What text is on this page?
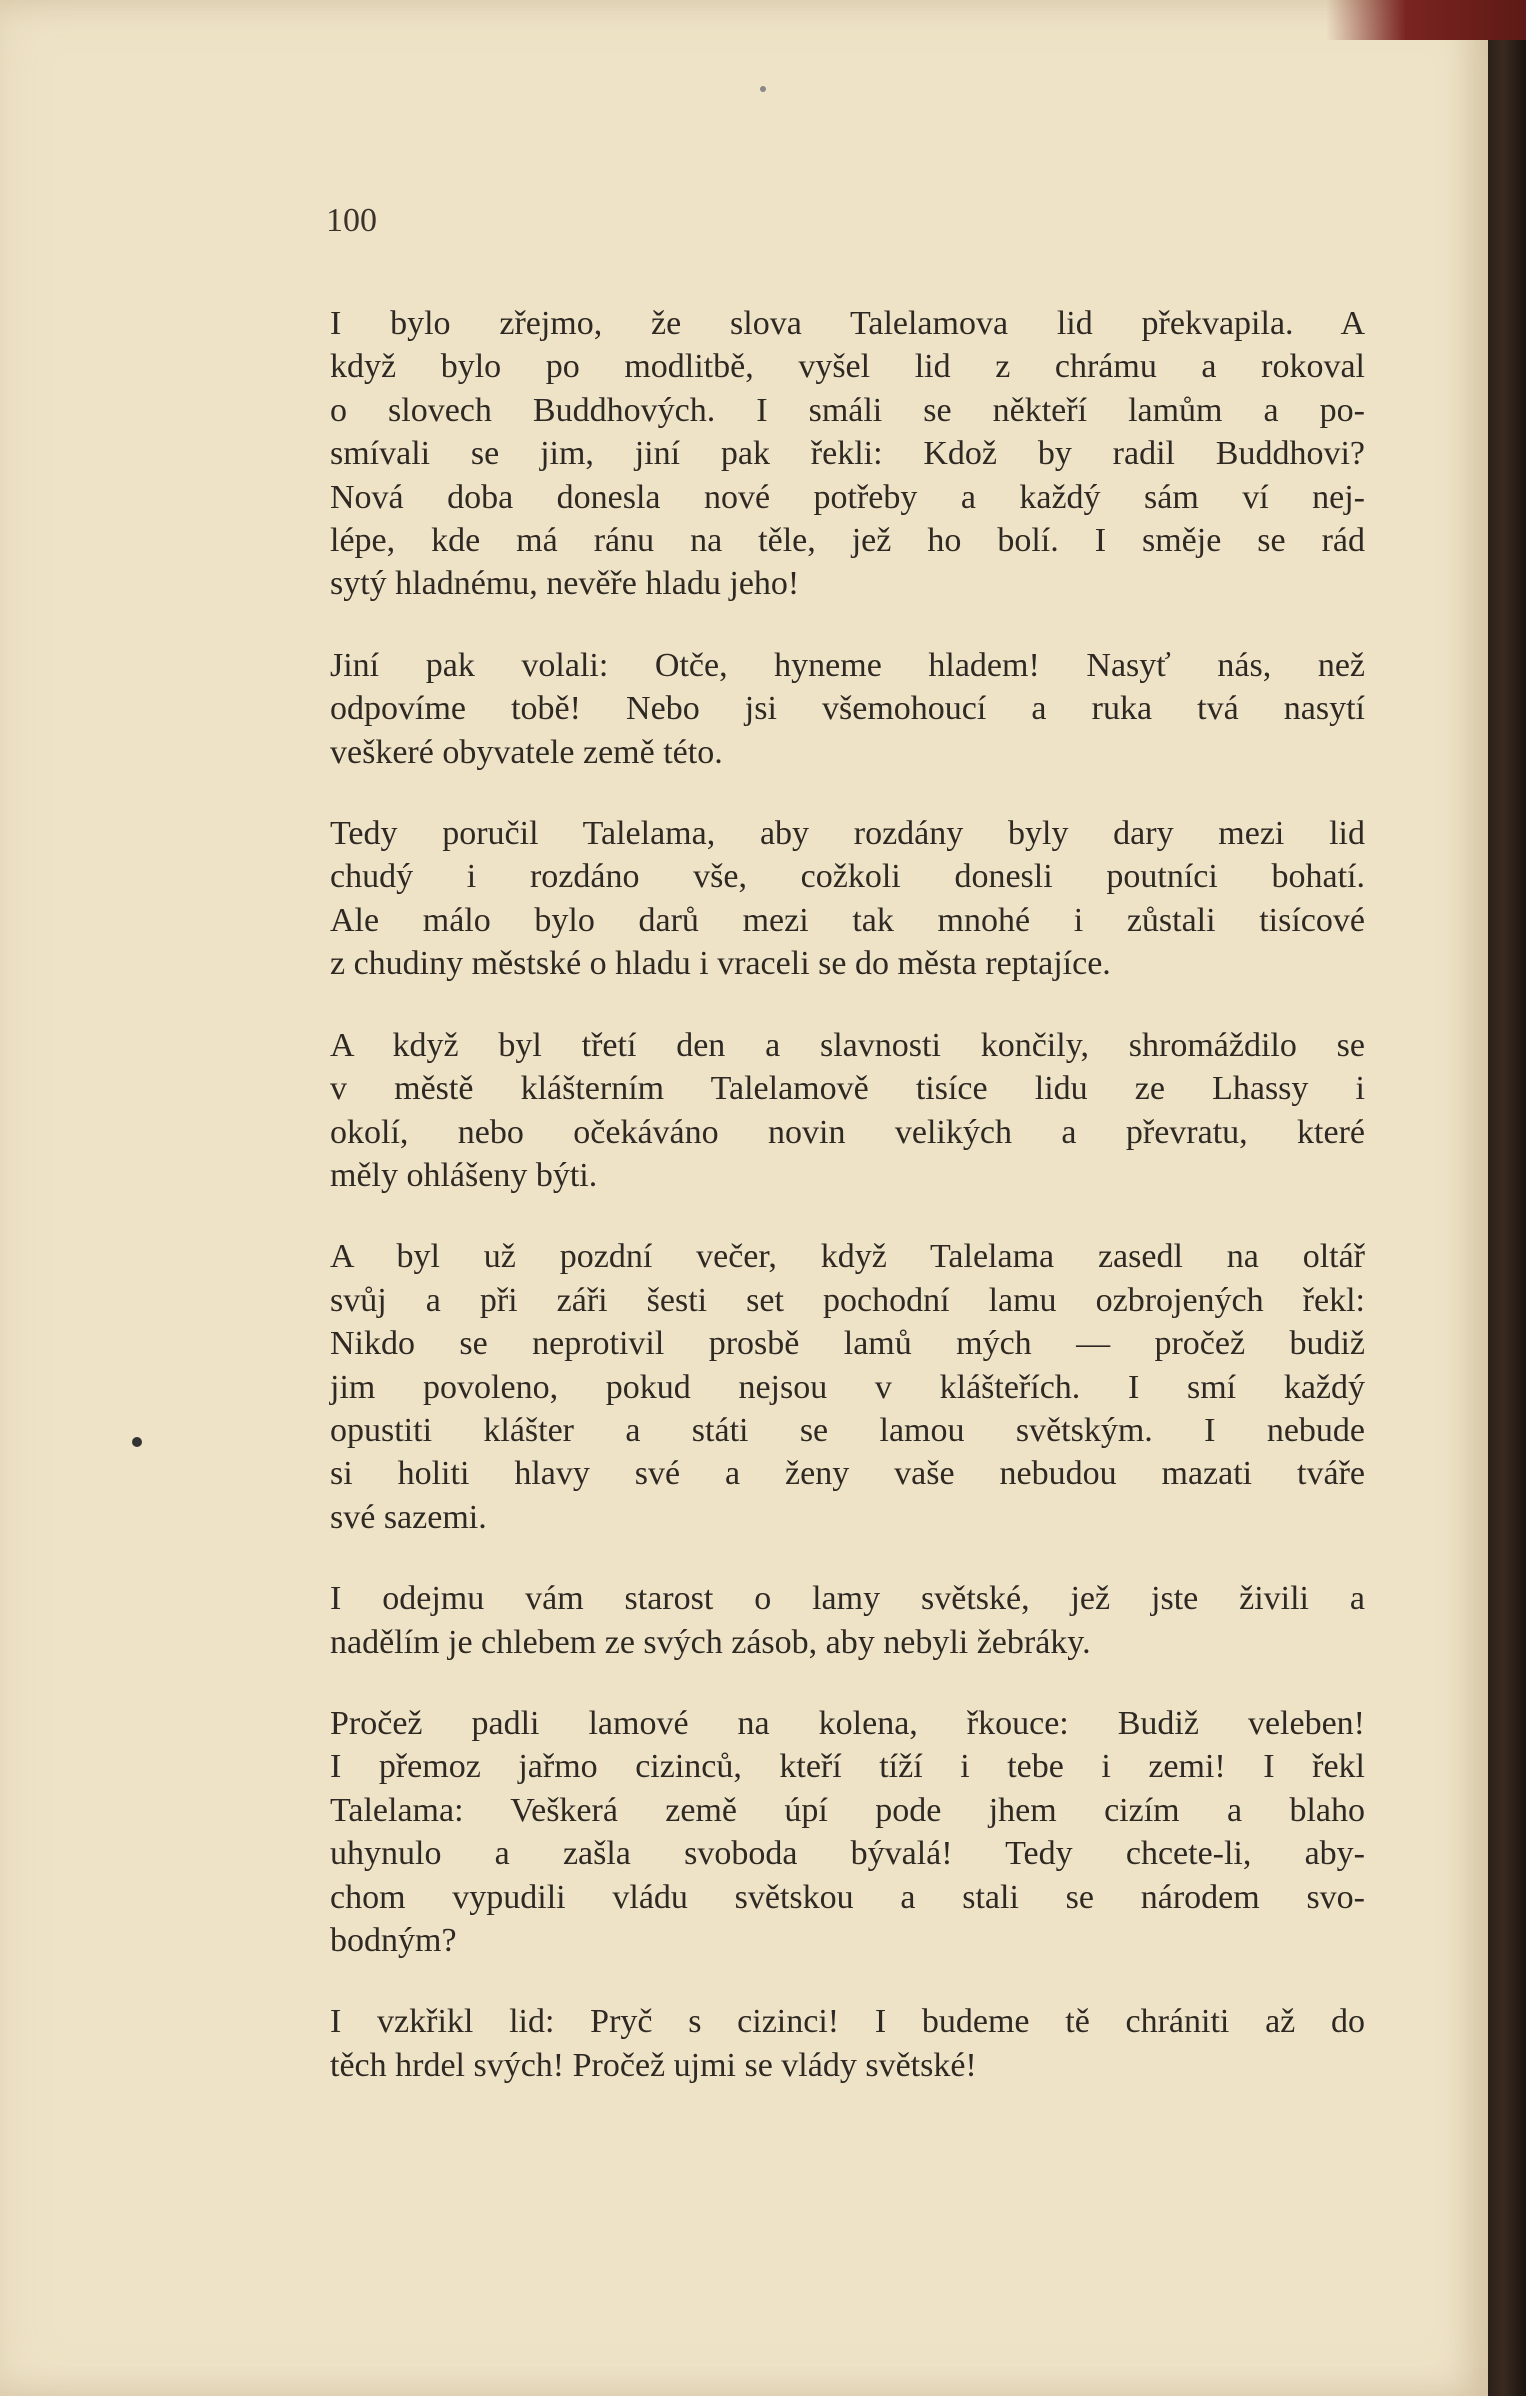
100

I bylo zřejmo, že slova Talelamova lid překvapila. A
když bylo po modlitbě, vyšel lid z chrámu a rokoval
o slovech Buddhových. I smáli se někteří lamům a po-
smívali se jim, jiní pak řekli: Kdož by radil Buddhovi?
Nová doba donesla nové potřeby a každý sám ví nej-
lépe, kde má ránu na těle, jež ho bolí. I směje se rád
sytý hladnému, nevěře hladu jeho!

Jiní pak volali: Otče, hyneme hladem! Nasyť nás, než
odpovíme tobě! Nebo jsi všemohoucí a ruka tvá nasytí
veškeré obyvatele země této.

Tedy poručil Talelama, aby rozdány byly dary mezi lid
chudý i rozdáno vše, cožkoli donesli poutníci bohatí.
Ale málo bylo darů mezi tak mnohé i zůstali tisícové
z chudiny městské o hladu i vraceli se do města reptajíce.

A když byl třetí den a slavnosti končily, shromáždilo se
v městě klášterním Talelamově tisíce lidu ze Lhassy i
okolí, nebo očekáváno novin velikých a převratu, které
měly ohlášeny býti.

A byl už pozdní večer, když Talelama zasedl na oltář
svůj a při záři šesti set pochodní lamu ozbrojených řekl:
Nikdo se neprotivil prosbě lamů mých — pročež budiž
jim povoleno, pokud nejsou v klášteřích. I smí každý
opustiti klášter a státi se lamou světským. I nebude
si holiti hlavy své a ženy vaše nebudou mazati tváře
své sazemi.

I odejmu vám starost o lamy světské, jež jste živili a
nadělím je chlebem ze svých zásob, aby nebyli žebráky.

Pročež padli lamové na kolena, řkouce: Budiž veleben!
I přemoz jařmo cizinců, kteří tíží i tebe i zemi! I řekl
Talelama: Veškerá země úpí pode jhem cizím a blaho
uhynulo a zašla svoboda bývalá! Tedy chcete-li, aby-
chom vypudili vládu světskou a stali se národem svo-
bodným?

I vzkřikl lid: Pryč s cizinci! I budeme tě chrániti až do
těch hrdel svých! Pročež ujmi se vlády světské!
